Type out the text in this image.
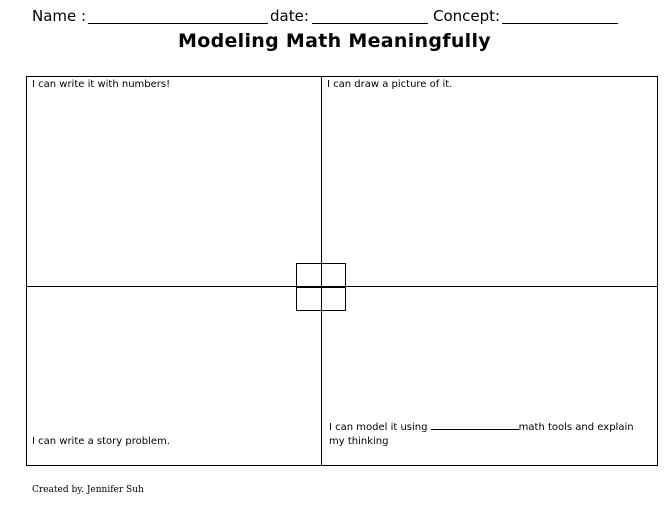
Name :	date:	Concept:
Modeling Math Meaningfully
I can write it with numbers!	I can draw a picture of it.
I can write a story problem.
I can model it using	math tools and explain
my thinking
Created by. Jennifer Suh
